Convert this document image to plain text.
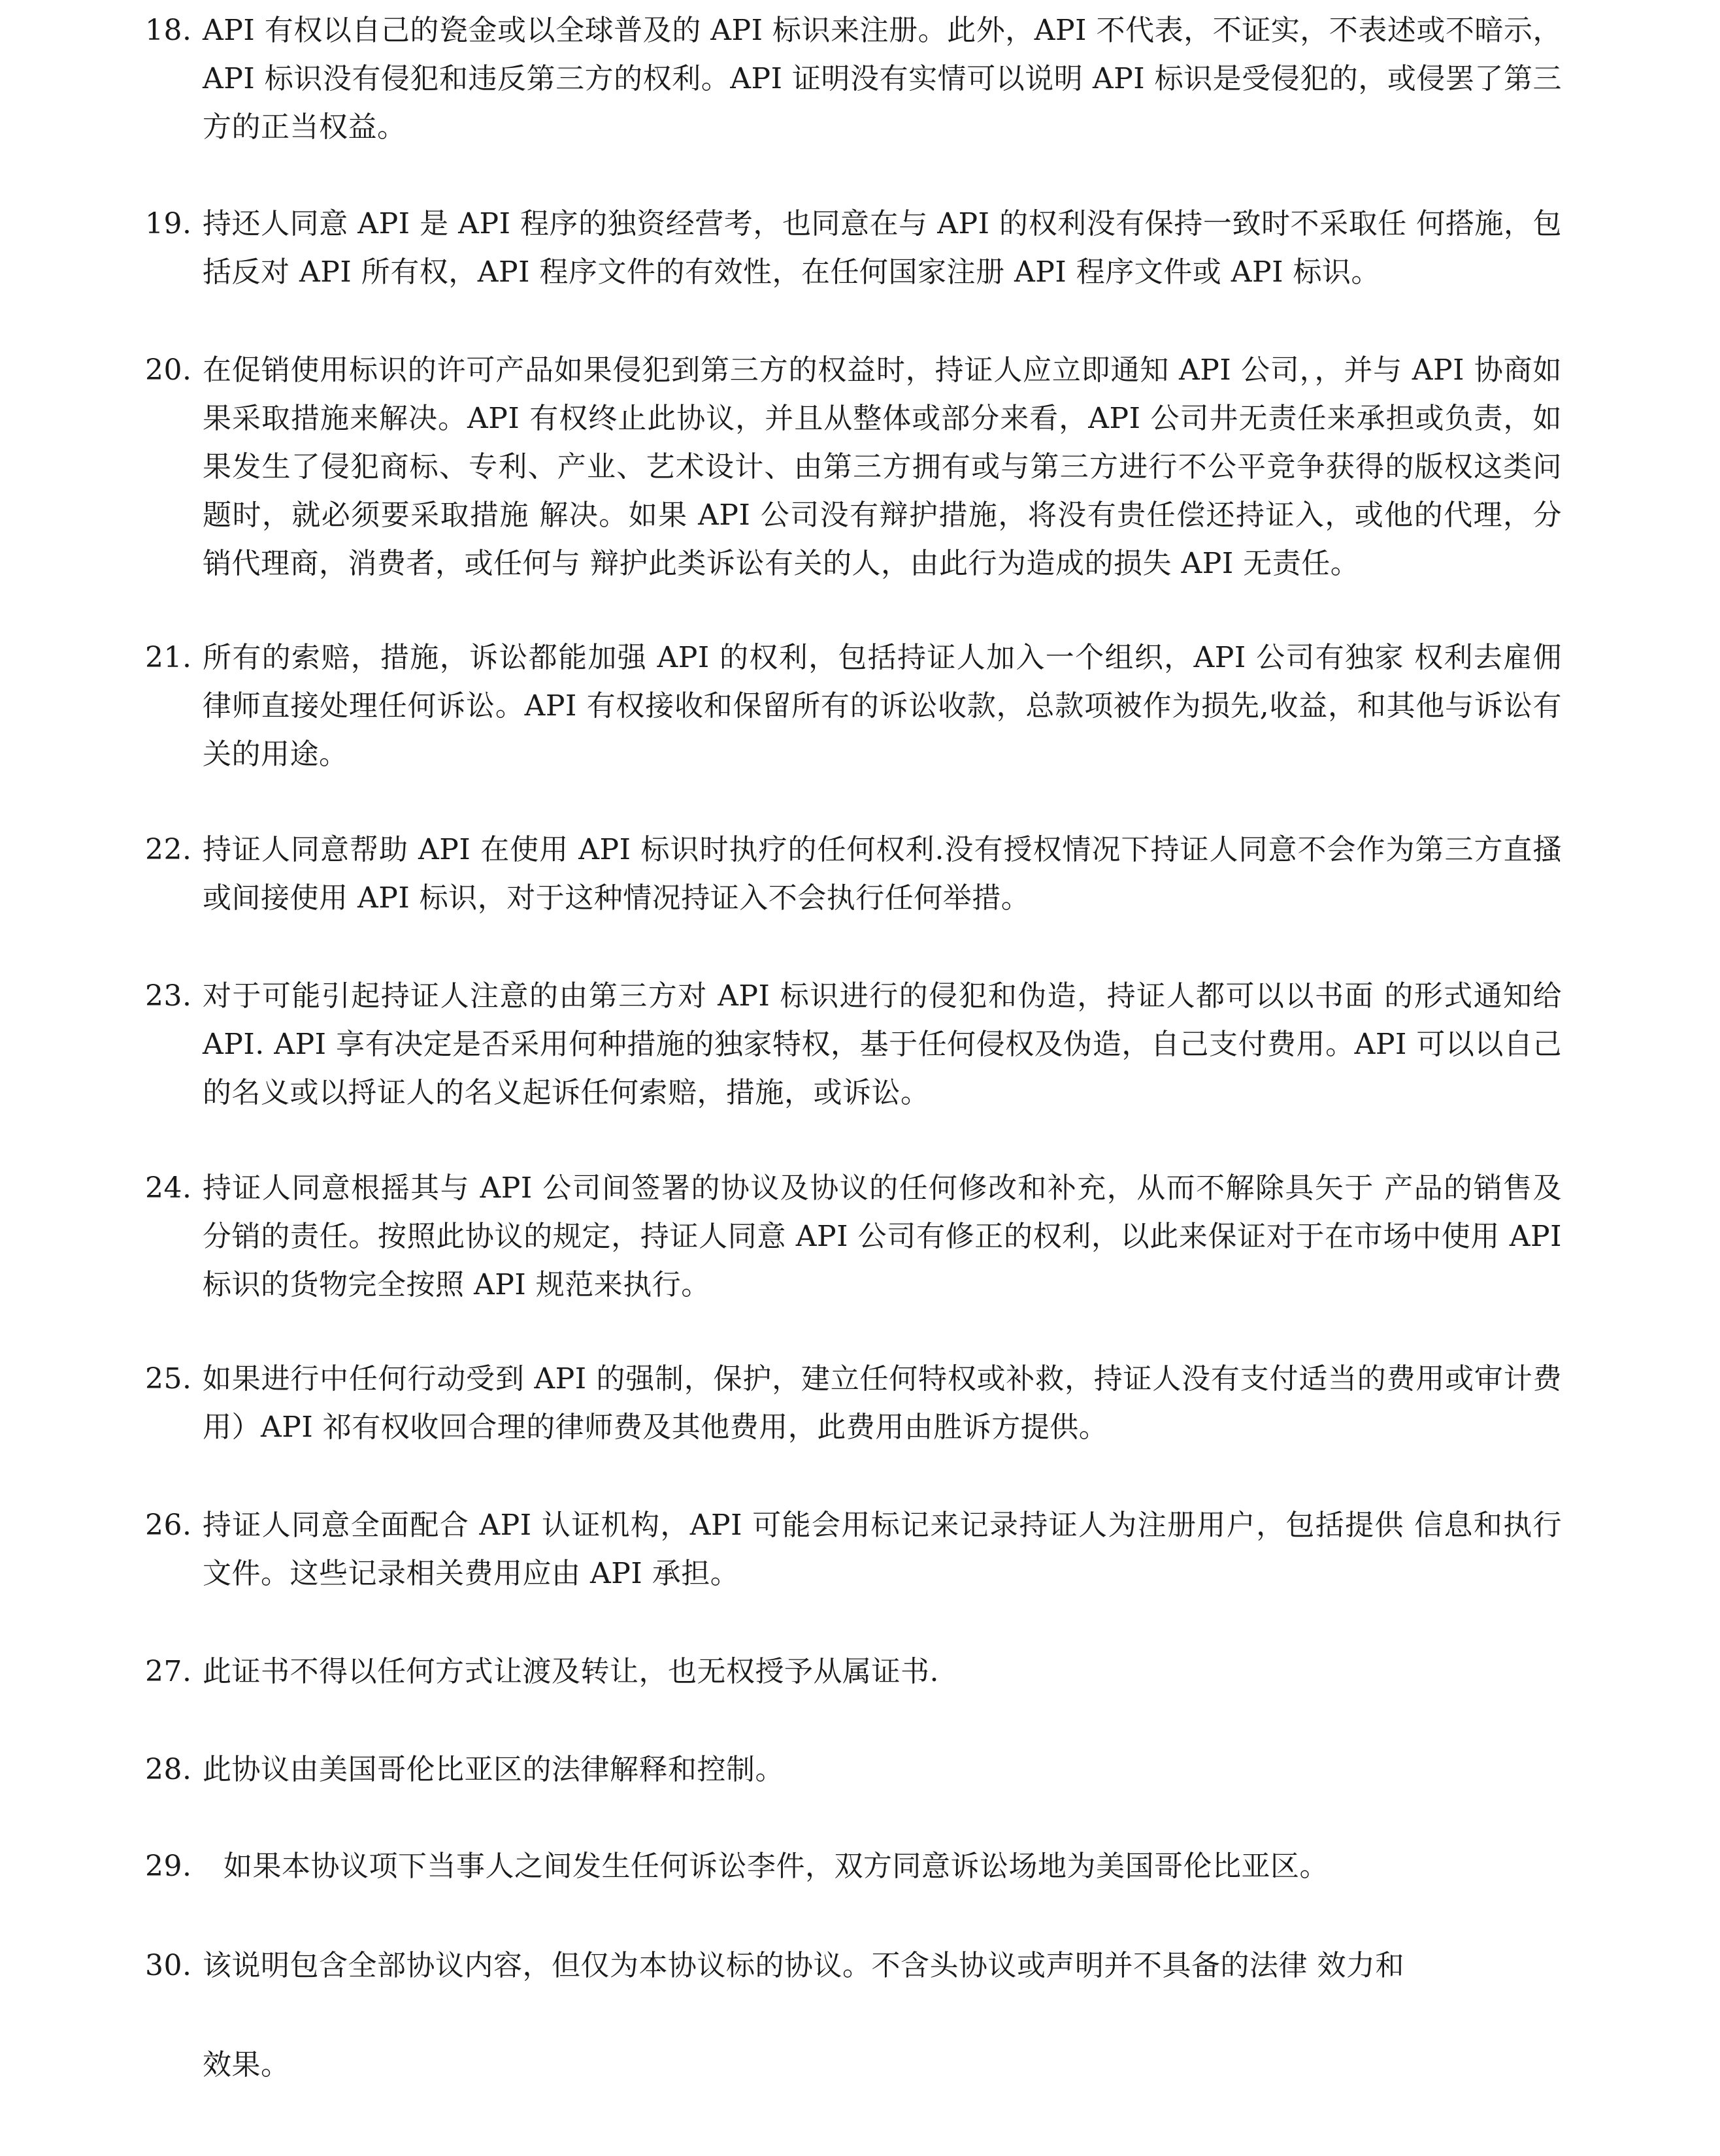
18. API 有权以自己的瓷金或以全球普及的 API 标识来注册。此外，API 不代表，不证实，不表述或不暗示，API 标识没有侵犯和违反第三方的权利。API 证明没有实情可以说明 API 标识是受侵犯的，或侵罢了第三方的正当权益。
19. 持还人同意 API 是 API 程序的独资经营考，也同意在与 API 的权利没有保持一致时不采取任 何搭施，包括反对 API 所有权，API 程序文件的有效性，在任何国家注册 API 程序文件或 API 标识。
20. 在促销使用标识的许可产品如果侵犯到第三方的权益时，持证人应立即通知 API 公司，，并与 API 协商如果采取措施来解决。API 有权终止此协议，并且从整体或部分来看，API 公司井无责任来承担或负责，如果发生了侵犯商标、专利、产业、艺术设计、由第三方拥有或与第三方进行不公平竞争获得的版权这类问题时，就必须要采取措施 解决。如果 API 公司没有辩护措施，将没有贵任偿还持证入，或他的代理，分销代理商，消费者，或任何与 辩护此类诉讼有关的人，由此行为造成的损失 API 无责任。
21. 所有的索赔，措施，诉讼都能加强 API 的权利，包括持证人加入一个组织，API 公司有独家 权利去雇佣律师直接处理任何诉讼。API 有权接收和保留所有的诉讼收款，总款项被作为损先,收益，和其他与诉讼有关的用途。
22. 持证人同意帮助 API 在使用 API 标识时执疗的任何权利.没有授权情况下持证人同意不会作为第三方直搔或间接使用 API 标识，对于这种情况持证入不会执行任何举措。
23. 对于可能引起持证人注意的由第三方对 API 标识进行的侵犯和伪造，持证人都可以以书面 的形式通知给 API. API 享有决定是否采用何种措施的独家特权，基于任何侵权及伪造，自己支付费用。API 可以以自己的名义或以捋证人的名义起诉任何索赔，措施，或诉讼。
24. 持证人同意根摇其与 API 公司间签署的协议及协议的任何修改和补充，从而不解除具矢于 产品的销售及分销的责任。按照此协议的规定，持证人同意 API 公司有修正的权利，以此来保证对于在市场中使用 API 标识的货物完全按照 API 规范来执行。
25. 如果进行中任何行动受到 API 的强制，保护，建立任何特权或补救，持证人没有支付适当的费用或审计费用）API 祁有权收回合理的律师费及其他费用，此费用由胜诉方提供。
26. 持证人同意全面配合 API 认证机构，API 可能会用标记来记录持证人为注册用户，包括提供 信息和执行文件。这些记录相关费用应由 API 承担。
27. 此证书不得以任何方式让渡及转让，也无权授予从属证书.
28. 此协议由美国哥伦比亚区的法律解释和控制。
29.	如果本协议项下当事人之间发生任何诉讼李件，双方同意诉讼场地为美国哥伦比亚区。
30. 该说明包含全部协议内容，但仅为本协议标的协议。不含头协议或声明并不具备的法律 效力和
效果。
